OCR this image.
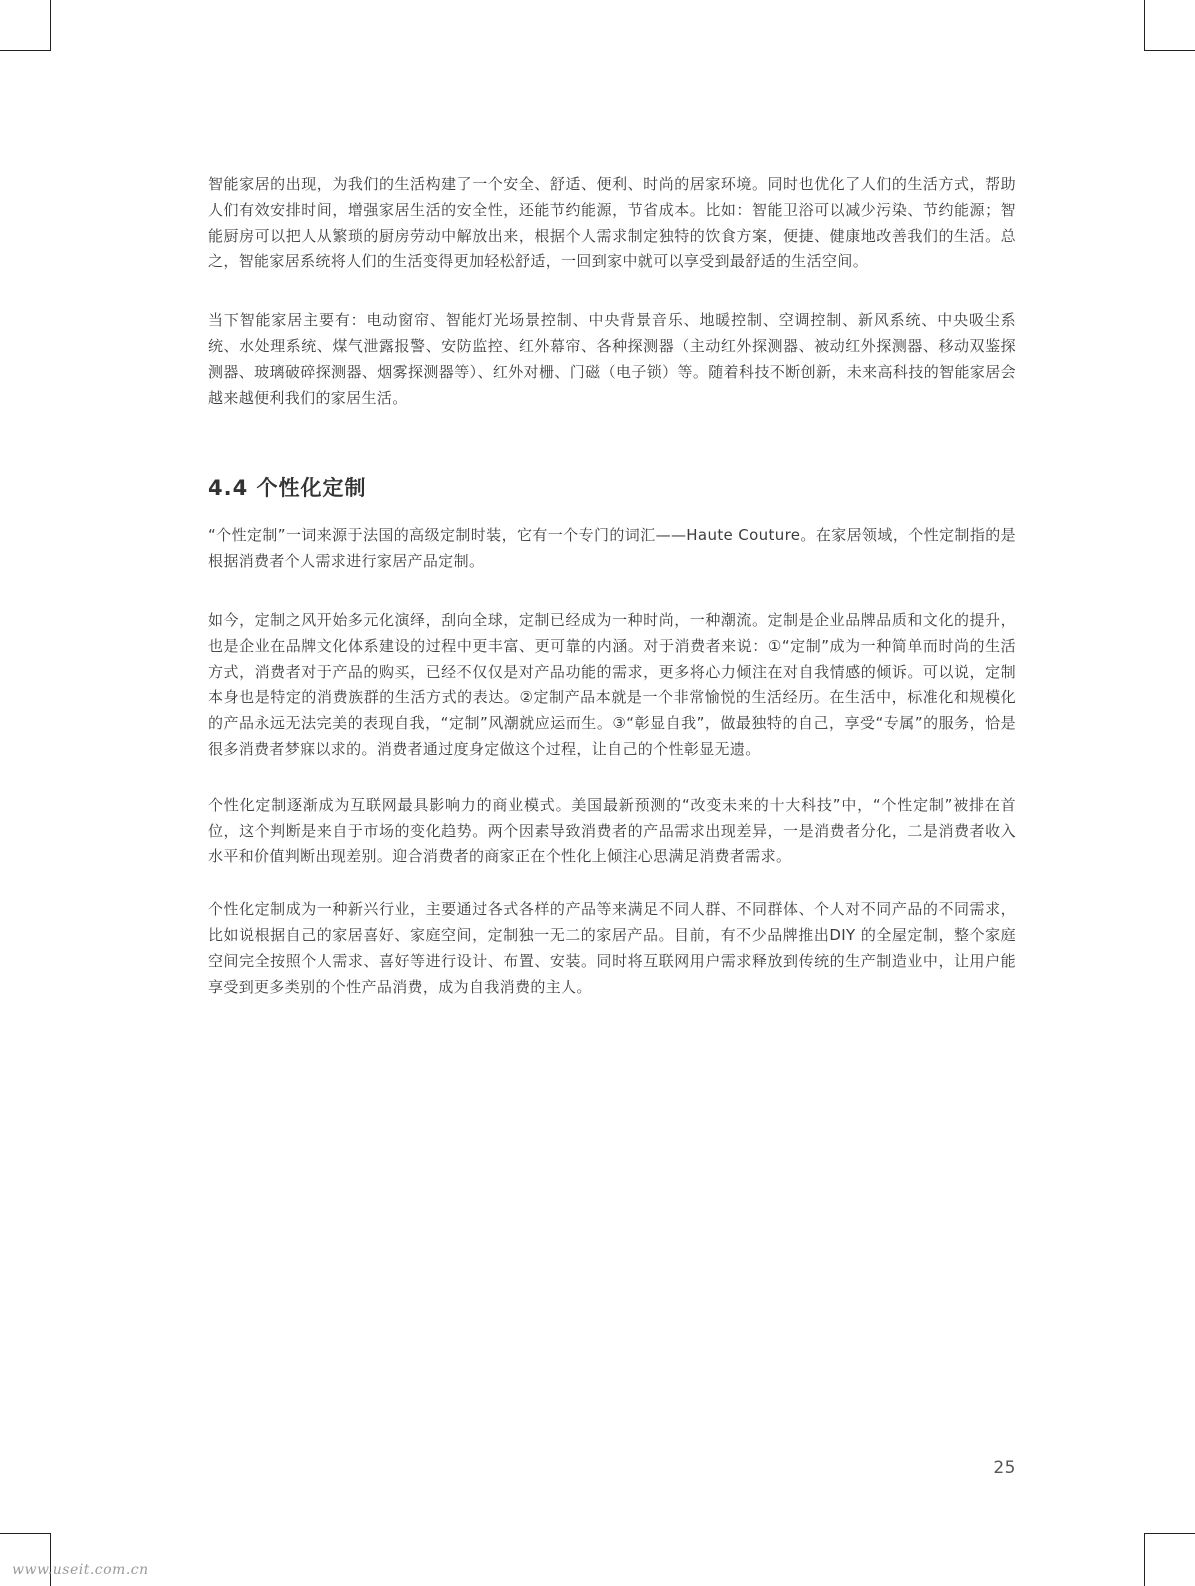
智能家居的出现，为我们的生活构建了一个安全、舒适、便利、时尚的居家环境。同时也优化了人们的生活方式，帮助人们有效安排时间，增强家居生活的安全性，还能节约能源，节省成本。比如：智能卫浴可以减少污染、节约能源；智能厨房可以把人从繁琐的厨房劳动中解放出来，根据个人需求制定独特的饮食方案，便捷、健康地改善我们的生活。总之，智能家居系统将人们的生活变得更加轻松舒适，一回到家中就可以享受到最舒适的生活空间。

当下智能家居主要有：电动窗帘、智能灯光场景控制、中央背景音乐、地暖控制、空调控制、新风系统、中央吸尘系统、水处理系统、煤气泄露报警、安防监控、红外幕帘、各种探测器（主动红外探测器、被动红外探测器、移动双鉴探测器、玻璃破碎探测器、烟雾探测器等）、红外对栅、门磁（电子锁）等。随着科技不断创新，未来高科技的智能家居会越来越便利我们的家居生活。

4.4 个性化定制

“个性定制”一词来源于法国的高级定制时装，它有一个专门的词汇——Haute Couture。在家居领域，个性定制指的是根据消费者个人需求进行家居产品定制。

如今，定制之风开始多元化演绎，刮向全球，定制已经成为一种时尚，一种潮流。定制是企业品牌品质和文化的提升，也是企业在品牌文化体系建设的过程中更丰富、更可靠的内涵。对于消费者来说：①“定制”成为一种简单而时尚的生活方式，消费者对于产品的购买，已经不仅仅是对产品功能的需求，更多将心力倾注在对自我情感的倾诉。可以说，定制本身也是特定的消费族群的生活方式的表达。②定制产品本就是一个非常愉悦的生活经历。在生活中，标准化和规模化的产品永远无法完美的表现自我，“定制”风潮就应运而生。③“彰显自我”，做最独特的自己，享受“专属”的服务，恰是很多消费者梦寐以求的。消费者通过度身定做这个过程，让自己的个性彰显无遗。

个性化定制逐渐成为互联网最具影响力的商业模式。美国最新预测的“改变未来的十大科技”中，“个性定制”被排在首位，这个判断是来自于市场的变化趋势。两个因素导致消费者的产品需求出现差异，一是消费者分化，二是消费者收入水平和价值判断出现差别。迎合消费者的商家正在个性化上倾注心思满足消费者需求。

个性化定制成为一种新兴行业，主要通过各式各样的产品等来满足不同人群、不同群体、个人对不同产品的不同需求，比如说根据自己的家居喜好、家庭空间，定制独一无二的家居产品。目前，有不少品牌推出DIY 的全屋定制，整个家庭空间完全按照个人需求、喜好等进行设计、布置、安装。同时将互联网用户需求释放到传统的生产制造业中，让用户能享受到更多类别的个性产品消费，成为自我消费的主人。

25
www.useit.com.cn
